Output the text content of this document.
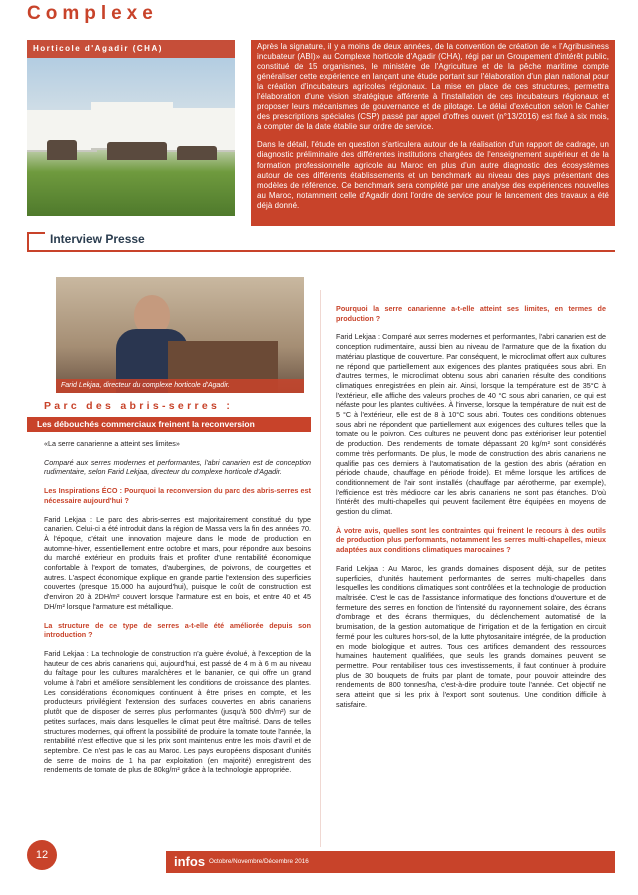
Complexe
Horticole d'Agadir (CHA)	Après la signature, il y a moins de deux années, de la convention de création de « l'Agribusiness incubateur (ABI)» au Complexe horticole d'Agadir (CHA), régi par un Groupement d'intérêt public, constitué de 15 organismes, le ministère de l'Agriculture et de la pêche maritime compte généraliser cette expérience en lançant une étude portant sur l'élaboration d'un plan national pour la création d'incubateurs agricoles régionaux. La mise en place de ces structures, permettra l'élaboration d'une vision stratégique afférente à l'installation de ces incubateurs régionaux et proposer leurs mécanismes de gouvernance et de pilotage. Le délai d'exécution selon le Cahier des prescriptions spéciales (CSP) passé par appel d'offres ouvert (n°13/2016) est fixé à six mois, à compter de la date établie sur ordre de service.

Dans le détail, l'étude en question s'articulera autour de la réalisation d'un rapport de cadrage, un diagnostic préliminaire des différentes institutions chargées de l'enseignement supérieur et de la formation professionnelle agricole au Maroc en plus d'un autre diagnostic des écosystèmes autour de ces différents établissements et un benchmark au niveau des pays présentant des modèles de référence. Ce benchmark sera complété par une analyse des expériences nouvelles au Maroc, notamment celle d'Agadir dont l'ordre de service pour le lancement des travaux a été déjà donné.

Interview Presse
Farid Lekjaa, directeur du complexe horticole d'Agadir.
Parc des abris-serres :
Les débouchés commerciaux freinent la reconversion

«La serre canarienne a atteint ses limites»

Comparé aux serres modernes et performantes, l'abri canarien est de conception rudimentaire, selon Farid Lekjaa, directeur du complexe horticole d'Agadir.

Les Inspirations ÉCO : Pourquoi la reconversion du parc des abris-serres est nécessaire aujourd'hui ?

Farid Lekjaa : Le parc des abris-serres est majoritairement constitué du type canarien. Celui-ci a été introduit dans la région de Massa vers la fin des années 70. À l'époque, c'était une innovation majeure dans le mode de production en automne-hiver, essentiellement entre octobre et mars, pour répondre aux besoins du marché extérieur en produits frais et profiter d'une rentabilité économique confortable à l'export de tomates, d'aubergines, de poivrons, de courgettes et autres. L'aspect économique explique en grande partie l'extension des superficies couvertes (presque 15.000 ha aujourd'hui), puisque le coût de construction est d'environ 20 à 2DH/m² couvert lorsque l'armature est en bois, et entre 40 et 45 DH/m² lorsque l'armature est métallique.

La structure de ce type de serres a-t-elle été améliorée depuis son introduction ?

Farid Lekjaa : La technologie de construction n'a guère évolué, à l'exception de la hauteur de ces abris canariens qui, aujourd'hui, est passé de 4 m à 6 m au niveau du faîtage pour les cultures maraîchères et le bananier, ce qui offre un grand volume à l'abri et améliore sensiblement les conditions de croissance des plantes. Les considérations économiques continuent à être prises en compte, et les producteurs privilégient l'extension des surfaces couvertes en abris canariens plutôt que de disposer de serres plus performantes (jusqu'à 500 dh/m²) sur de petites surfaces, mais dans lesquelles le climat peut être maîtrisé. Dans de telles structures modernes, qui offrent la possibilité de produire la tomate toute l'année, la rentabilité n'est effective que si les prix sont maintenus entre les mois d'avril et de septembre. Ce n'est pas le cas au Maroc. Les pays européens disposant d'unités de serre de moins de 1 ha par exploitation (en majorité) enregistrent des rendements de tomate de plus de 80kg/m² grâce à la technologie appropriée.

Pourquoi la serre canarienne a-t-elle atteint ses limites, en termes de production ?

Farid Lekjaa : Comparé aux serres modernes et performantes, l'abri canarien est de conception rudimentaire, aussi bien au niveau de l'armature que de la fixation du matériau plastique de couverture. Par conséquent, le microclimat offert aux cultures ne répond que partiellement aux exigences des plantes pratiquées sous abri. En d'autres termes, le microclimat obtenu sous abri canarien résulte des conditions climatiques enregistrées en plein air. Ainsi, lorsque la température est de 35°C à l'extérieur, elle affiche des valeurs proches de 40 °C sous abri canarien, ce qui est néfaste pour les plantes cultivées. À l'inverse, lorsque la température de nuit est de 5 °C à l'extérieur, elle est de 8 à 10°C sous abri. Toutes ces conditions obtenues sous abri ne répondent que partiellement aux exigences des cultures telles que la tomate ou le poivron. Ces cultures ne peuvent donc pas extérioriser leur potentiel de production. Des rendements de tomate dépassant 20 kg/m² sont considérés comme très performants. De plus, le mode de construction des abris canariens ne qualifie pas ces derniers à l'automatisation de la gestion des abris (aération en période chaude, chauffage en période froide). Et même lorsque les artifices de conditionnement de l'air sont installés (chauffage par aérotherme, par exemple), l'efficience est très médiocre car les abris canariens ne sont pas étanches. D'où l'intérêt des multi-chapelles qui peuvent facilement être équipées en moyens de gestion du climat.

À votre avis, quelles sont les contraintes qui freinent le recours à des outils de production plus performants, notamment les serres multi-chapelles, mieux adaptées aux conditions climatiques marocaines ?

Farid Lekjaa : Au Maroc, les grands domaines disposent déjà, sur de petites superficies, d'unités hautement performantes de serres multi-chapelles dans lesquelles les conditions climatiques sont contrôlées et la technologie de production maîtrisée. C'est le cas de l'assistance informatique des fonctions d'ouverture et de fermeture des serres en fonction de l'intensité du rayonnement solaire, des écrans d'ombrage et des écrans thermiques, du déclenchement automatisé de la brumisation, de la gestion automatique de l'irrigation et de la fertigation en circuit fermé pour les cultures hors-sol, de la lutte phytosanitaire intégrée, de la production en mode biologique et autres. Tous ces artifices demandent des ressources humaines hautement qualifiées, que seuls les grands domaines peuvent se permettre. Pour rentabiliser tous ces investissements, il faut continuer à produire plus de 30 bouquets de fruits par plant de tomate, pour pouvoir atteindre des rendements de 800 tonnes/ha, c'est-à-dire produire toute l'année. Cet objectif ne sera atteint que si les prix à l'export sont soutenus. Une condition difficile à satisfaire.

12	infos Octobre/Novembre/Décembre 2016
